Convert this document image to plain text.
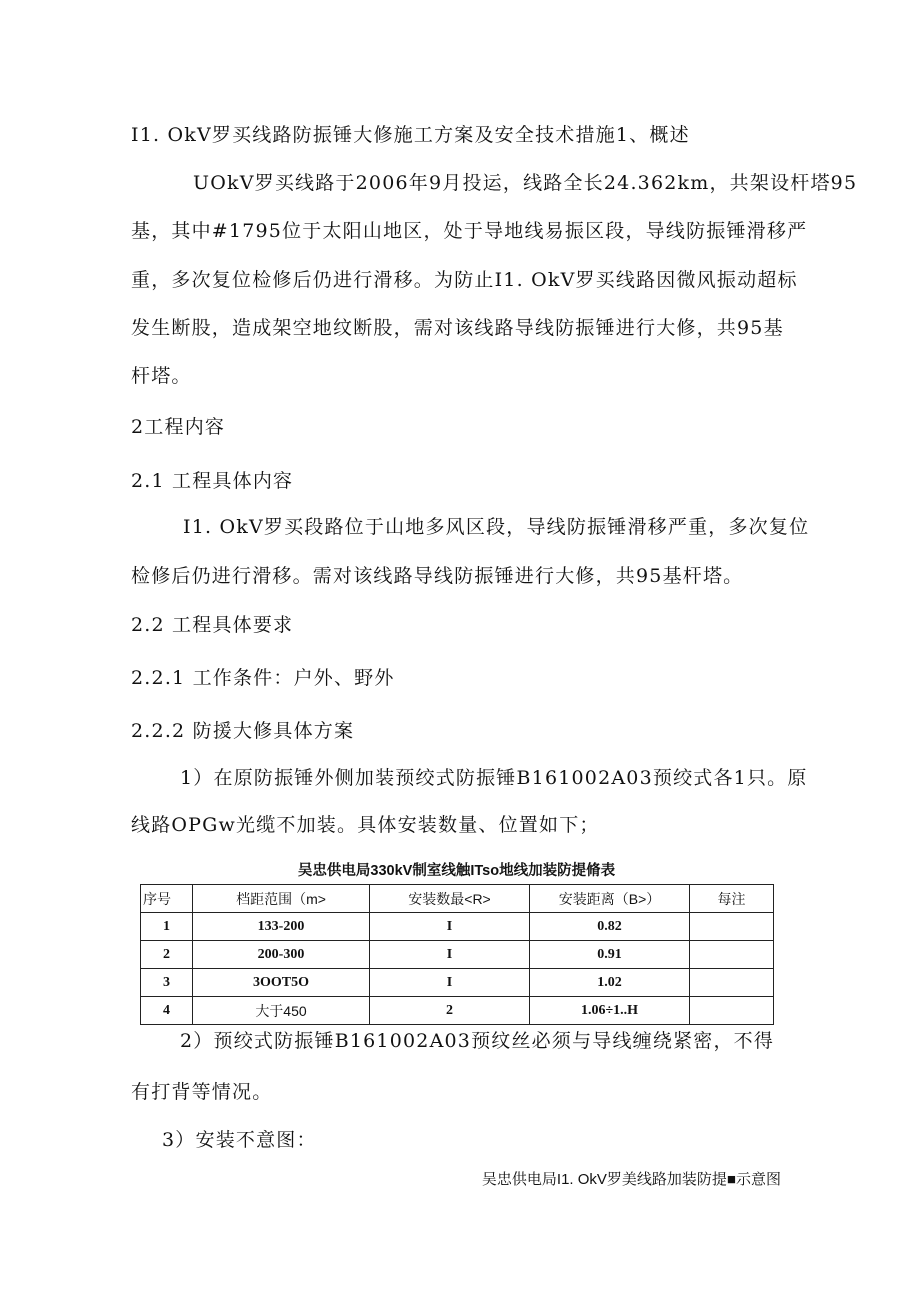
I1. OkV罗买线路防振锤大修施工方案及安全技术措施1、概述
UOkV罗买线路于2006年9月投运，线路全长24.362km，共架设杆塔95
基，其中#1795位于太阳山地区，处于导地线易振区段，导线防振锤滑移严
重，多次复位检修后仍进行滑移。为防止I1. OkV罗买线路因微风振动超标
发生断股，造成架空地纹断股，需对该线路导线防振锤进行大修，共95基
杆塔。
2工程内容
2.1 工程具体内容
I1. OkV罗买段路位于山地多风区段，导线防振锤滑移严重，多次复位
检修后仍进行滑移。需对该线路导线防振锤进行大修，共95基杆塔。
2.2 工程具体要求
2.2.1 工作条件：户外、野外
2.2.2 防援大修具体方案
1）在原防振锤外侧加装预绞式防振锤B161002A03预绞式各1只。原
线路OPGw光缆不加装。具体安装数量、位置如下；
吴忠供电局330kV制室线触ITso地线加装防提脩表
序号	档距范围（m>	安装数最<R>	安装距离（B>）	每注
1	133-200	I	0.82	
2	200-300	I	0.91	
3	3OOT5O	I	1.02	
4	大于450	2	1.06÷1..H	
2）预绞式防振锤B161002A03预纹丝必须与导线缠绕紧密，不得
有打背等情况。
3）安装不意图：
吴忠供电局I1. OkV罗美线路加装防提■示意图
